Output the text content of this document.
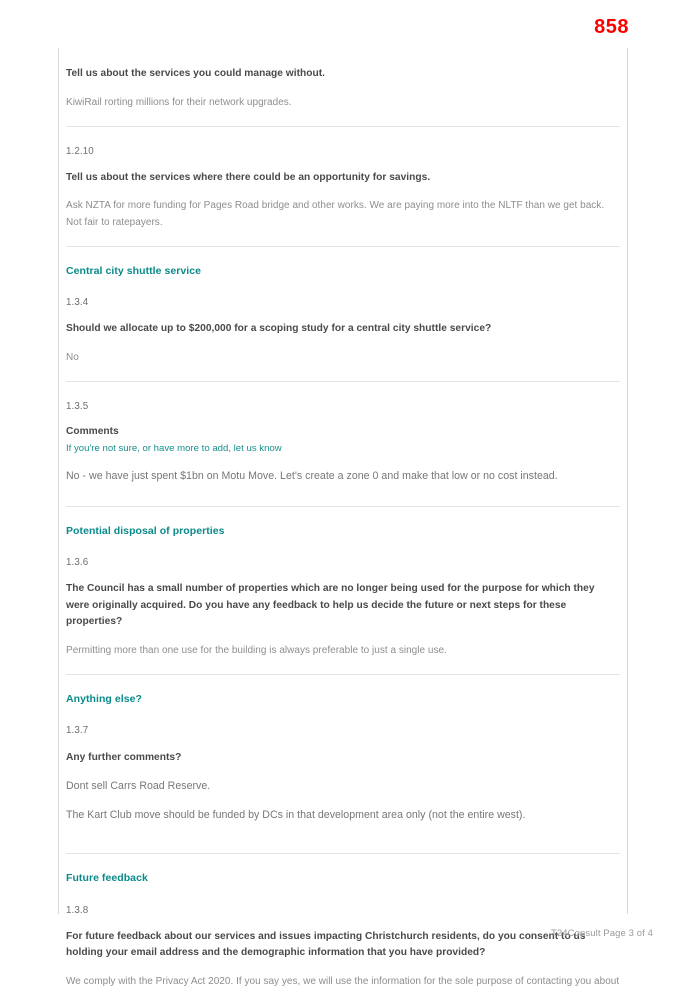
858
Tell us about the services you could manage without.
KiwiRail rorting millions for their network upgrades.
1.2.10
Tell us about the services where there could be an opportunity for savings.
Ask NZTA for more funding for Pages Road bridge and other works. We are paying more into the NLTF than we get back. Not fair to ratepayers.
Central city shuttle service
1.3.4
Should we allocate up to $200,000 for a scoping study for a central city shuttle service?
No
1.3.5
Comments
If you're not sure, or have more to add, let us know
No - we have just spent $1bn on Motu Move. Let's create a zone 0 and make that low or no cost instead.
Potential disposal of properties
1.3.6
The Council has a small number of properties which are no longer being used for the purpose for which they were originally acquired. Do you have any feedback to help us decide the future or next steps for these properties?
Permitting more than one use for the building is always preferable to just a single use.
Anything else?
1.3.7
Any further comments?
Dont sell Carrs Road Reserve.
The Kart Club move should be funded by DCs in that development area only (not the entire west).
Future feedback
1.3.8
For future feedback about our services and issues impacting Christchurch residents, do you consent to us holding your email address and the demographic information that you have provided?
We comply with the Privacy Act 2020. If you say yes, we will use the information for the sole purpose of contacting you about
T24Consult Page 3 of 4
